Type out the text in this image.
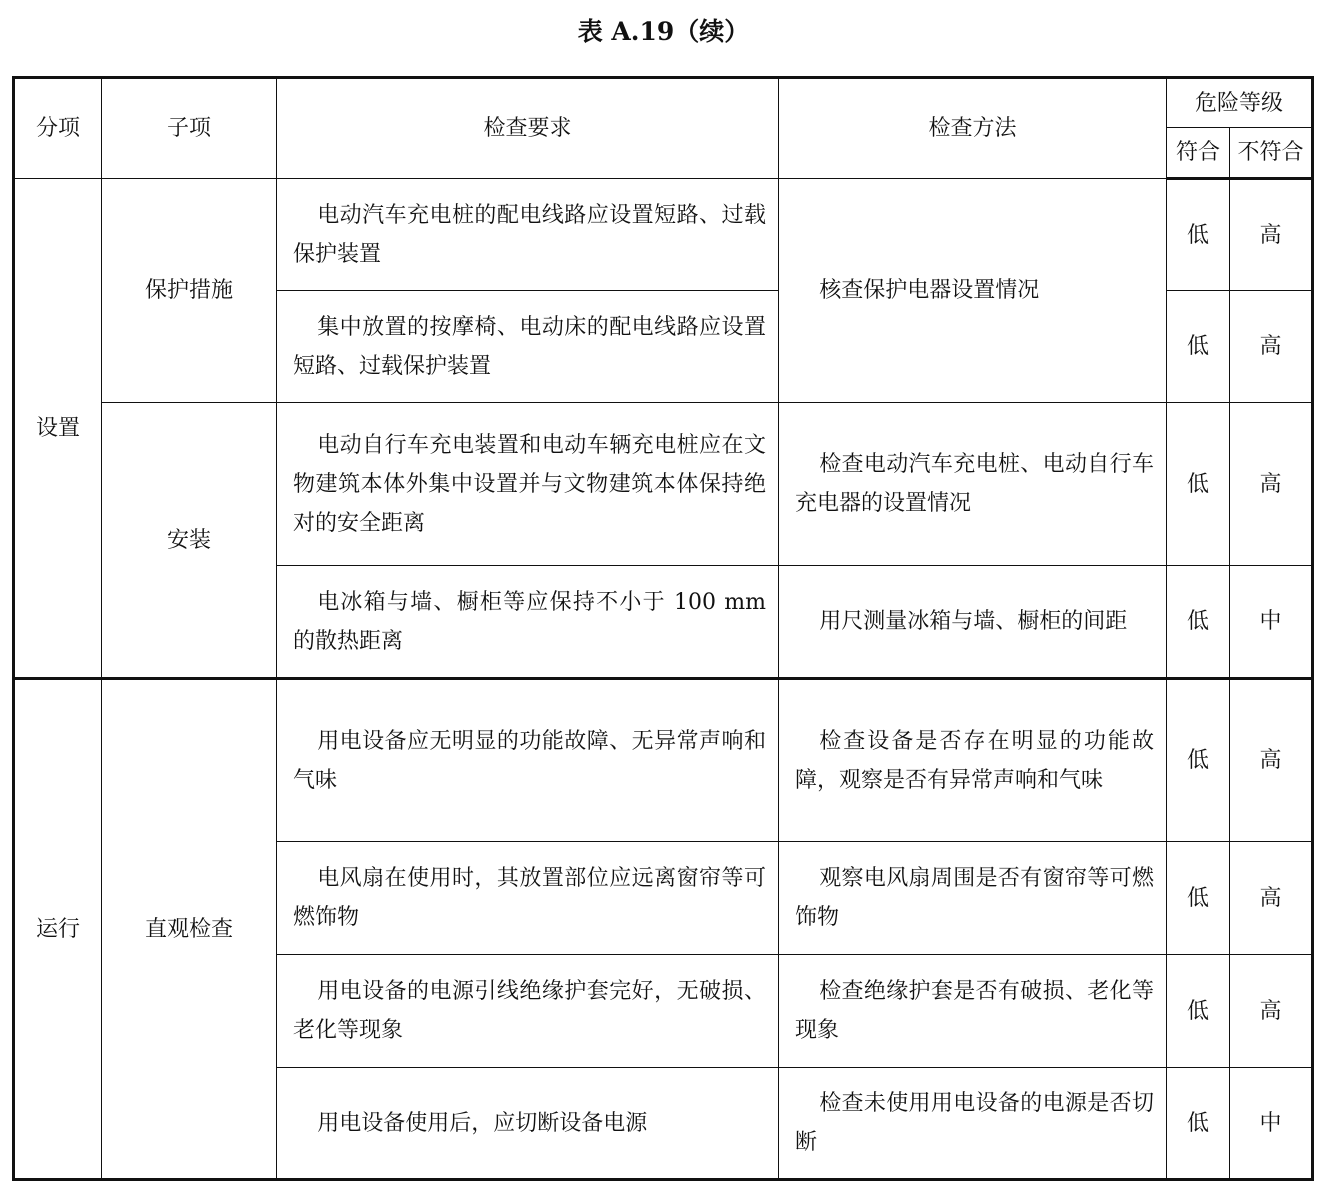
表 A.19（续）
分项	子项	检查要求	检查方法	危险等级	
				符合	不符合
设置	保护措施	电动汽车充电桩的配电线路应设置短路、过载保护装置	核查保护电器设置情况	低	高
		集中放置的按摩椅、电动床的配电线路应设置短路、过载保护装置		低	高
	安装	电动自行车充电装置和电动车辆充电桩应在文物建筑本体外集中设置并与文物建筑本体保持绝对的安全距离	检查电动汽车充电桩、电动自行车充电器的设置情况	低	高
		电冰箱与墙、橱柜等应保持不小于 100 mm 的散热距离	用尺测量冰箱与墙、橱柜的间距	低	中
运行	直观检查	用电设备应无明显的功能故障、无异常声响和气味	检查设备是否存在明显的功能故障，观察是否有异常声响和气味	低	高
		电风扇在使用时，其放置部位应远离窗帘等可燃饰物	观察电风扇周围是否有窗帘等可燃饰物	低	高
		用电设备的电源引线绝缘护套完好，无破损、老化等现象	检查绝缘护套是否有破损、老化等现象	低	高
		用电设备使用后，应切断设备电源	检查未使用用电设备的电源是否切断	低	中
